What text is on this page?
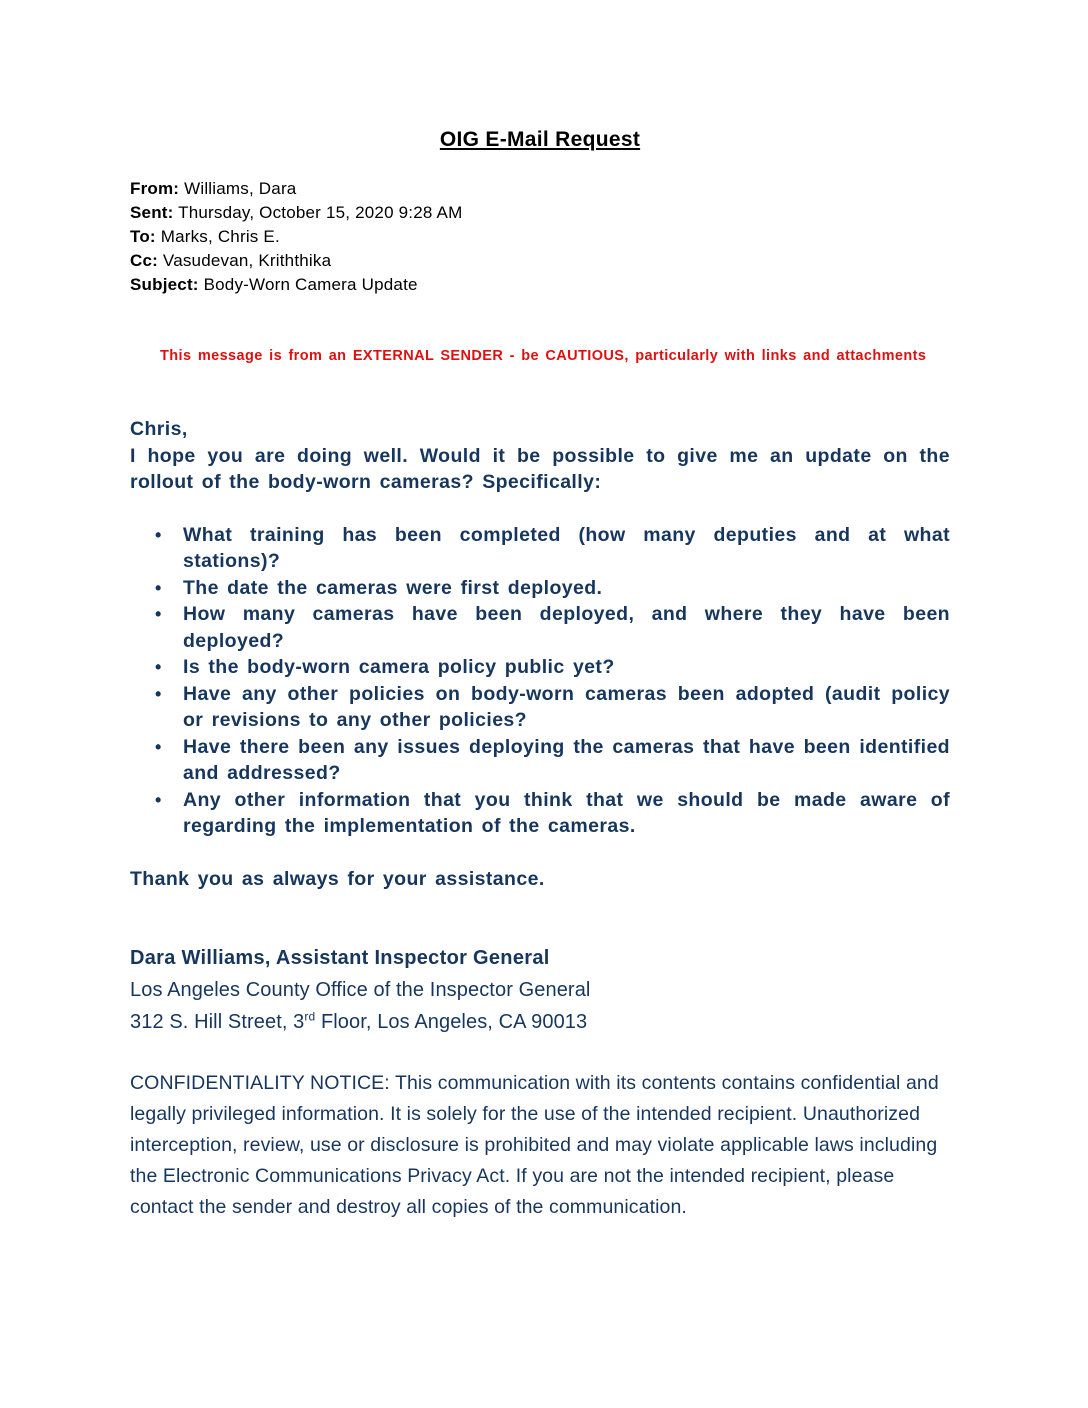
OIG E-Mail Request
From: Williams, Dara
Sent: Thursday, October 15, 2020 9:28 AM
To: Marks, Chris E.
Cc: Vasudevan, Kriththika
Subject: Body-Worn Camera Update
This message is from an EXTERNAL SENDER - be CAUTIOUS, particularly with links and attachments

Chris,

I hope you are doing well. Would it be possible to give me an update on the rollout of the body-worn cameras? Specifically:

• What training has been completed (how many deputies and at what stations)?
• The date the cameras were first deployed.
• How many cameras have been deployed, and where they have been deployed?
• Is the body-worn camera policy public yet?
• Have any other policies on body-worn cameras been adopted (audit policy or revisions to any other policies?
• Have there been any issues deploying the cameras that have been identified and addressed?
• Any other information that you think that we should be made aware of regarding the implementation of the cameras.

Thank you as always for your assistance.

Dara Williams, Assistant Inspector General
Los Angeles County Office of the Inspector General
312 S. Hill Street, 3rd Floor, Los Angeles, CA 90013

CONFIDENTIALITY NOTICE: This communication with its contents contains confidential and legally privileged information. It is solely for the use of the intended recipient. Unauthorized interception, review, use or disclosure is prohibited and may violate applicable laws including the Electronic Communications Privacy Act. If you are not the intended recipient, please contact the sender and destroy all copies of the communication.
